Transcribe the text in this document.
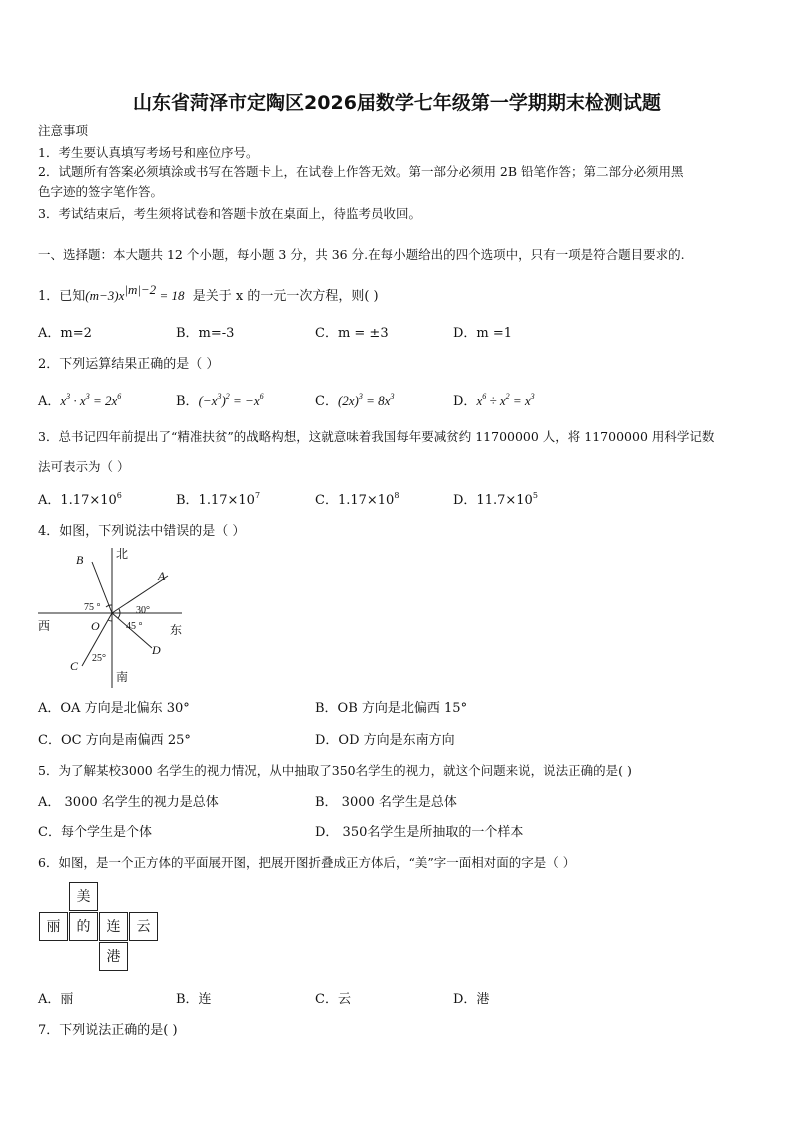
山东省菏泽市定陶区2026届数学七年级第一学期期末检测试题
注意事项
1．考生要认真填写考场号和座位序号。
2．试题所有答案必须填涂或书写在答题卡上，在试卷上作答无效。第一部分必须用 2B 铅笔作答；第二部分必须用黑
色字迹的签字笔作答。
3．考试结束后，考生须将试卷和答题卡放在桌面上，待监考员收回。
一、选择题：本大题共 12 个小题，每小题 3 分，共 36 分.在每小题给出的四个选项中，只有一项是符合题目要求的.
1．已知$(m-3)x^{|m|-2} = 18$ 是关于 x 的一元一次方程，则( )
A．m=2	B．m=-3	C．m = ±3	D．m =1
2．下列运算结果正确的是（ ）
A．$x^3 \cdot x^3 = 2x^6$	B．$(-x^3)^2 = -x^6$	C．$(2x)^3 = 8x^3$	D．$x^6 \div x^2 = x^3$
3．总书记四年前提出了“精准扶贫”的战略构想，这就意味着我国每年要减贫约 11700000 人，将 11700000 用科学记数
法可表示为（ ）
A．$1.17\times 10^6$	B．$1.17\times 10^7$	C．$1.17\times 10^8$	D．$11.7\times 10^5$
4．如图，下列说法中错误的是（ ）
北
南
东
西	O
A
B
C
D
75 °	30°
45 °
25°
A．OA 方向是北偏东 30°	B．OB 方向是北偏西 15°
C．OC 方向是南偏西 25°	D．OD 方向是东南方向
5．为了解某校3000 名学生的视力情况，从中抽取了350名学生的视力，就这个问题来说，说法正确的是( )
A． 3000 名学生的视力是总体	B． 3000 名学生是总体
C．每个学生是个体	D． 350名学生是所抽取的一个样本
6．如图，是一个正方体的平面展开图，把展开图折叠成正方体后，“美”字一面相对面的字是（ ）
美
丽	的	连	云
港
A．丽	B．连	C．云	D．港
7．下列说法正确的是( )
